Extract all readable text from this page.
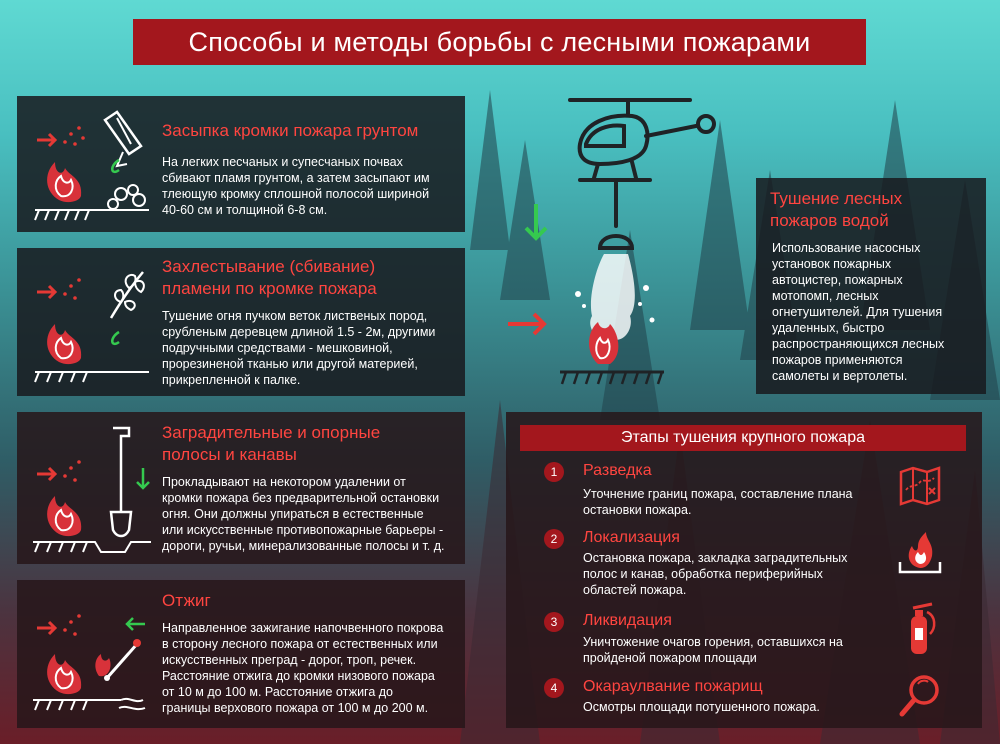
Способы и методы борьбы с лесными пожарами
Засыпка кромки пожара грунтом
На легких песчаных и супесчаных почвах
сбивают пламя грунтом, а затем засыпают им
тлеющую кромку сплошной полосой шириной
40-60 см и толщиной 6-8 см.
Захлестывание (сбивание)
пламени по кромке пожара
Тушение огня пучком веток лиственых пород,
срубленым деревцем длиной 1.5 - 2м, другими
подручными средствами - мешковиной,
прорезиненой тканью или другой материей,
прикрепленной к палке.
Заградительные и опорные
полосы и канавы
Прокладывают на некотором удалении от
кромки пожара без предварительной остановки
огня. Они должны упираться в естественные
или искусственные противопожарные барьеры -
дороги, ручьи, минерализованные полосы и т. д.
Отжиг
Направленное зажигание напочвенного покрова
в сторону лесного пожара от естественных или
искусственных преград - дорог, троп, речек.
Расстояние отжига до кромки низового пожара
от 10 м до 100 м. Расстояние отжига до
границы верхового пожара от 100 м до 200 м.
Тушение лесных
пожаров водой
Использование насосных
установок пожарных
автоцистер, пожарных
мотопомп, лесных
огнетушителей. Для тушения
удаленных, быстро
распространяющихся лесных
пожаров применяются
самолеты и вертолеты.
Этапы тушения крупного пожара
1	Разведка
Уточнение границ пожара, составление плана
остановки пожара.
2	Локализация
Остановка пожара, закладка заградительных
полос и канав, обработка периферийных
областей пожара.
3	Ликвидация
Уничтожение очагов горения, оставшихся на
пройденой пожаром площади
4	Окараулвание пожарищ
Осмотры площади потушенного пожара.
